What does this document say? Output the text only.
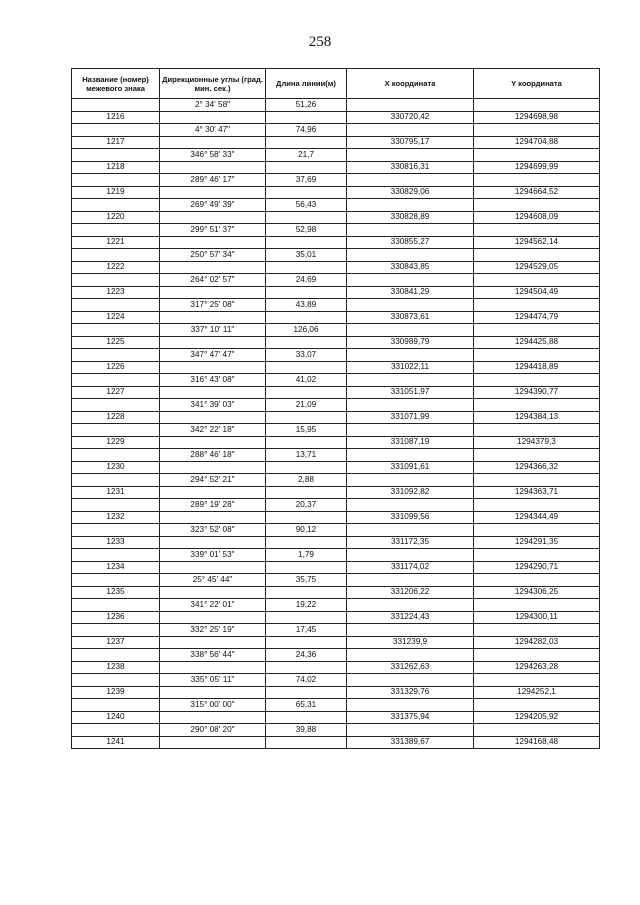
258
Название (номер) межевого знака	Дирекционные углы (град. мин. сек.)	Длина линии(м)	X координата	Y координата
	2° 34' 58"	51,26		
1216			330720,42	1294698,98
	4° 30' 47"	74,96		
1217			330795,17	1294704,88
	346° 58' 33"	21,7		
1218			330816,31	1294699,99
	289° 46' 17"	37,69		
1219			330829,06	1294664,52
	269° 49' 39"	56,43		
1220			330828,89	1294608,09
	299° 51' 37"	52,98		
1221			330855,27	1294562,14
	250° 57' 34"	35,01		
1222			330843,85	1294529,05
	264° 02' 57"	24,69		
1223			330841,29	1294504,49
	317° 25' 08"	43,89		
1224			330873,61	1294474,79
	337° 10' 11"	126,06		
1225			330989,79	1294425,88
	347° 47' 47"	33,07		
1226			331022,11	1294418,89
	316° 43' 08"	41,02		
1227			331051,97	1294390,77
	341° 39' 03"	21,09		
1228			331071,99	1294384,13
	342° 22' 18"	15,95		
1229			331087,19	1294379,3
	288° 46' 18"	13,71		
1230			331091,61	1294366,32
	294° 52' 21"	2,88		
1231			331092,82	1294363,71
	289° 19' 28"	20,37		
1232			331099,56	1294344,49
	323° 52' 08"	90,12		
1233			331172,35	1294291,35
	339° 01' 53"	1,79		
1234			331174,02	1294290,71
	25° 45' 44"	35,75		
1235			331206,22	1294306,25
	341° 22' 01"	19,22		
1236			331224,43	1294300,11
	332° 25' 19"	17,45		
1237			331239,9	1294282,03
	338° 56' 44"	24,36		
1238			331262,63	1294263,28
	335° 05' 11"	74,02		
1239			331329,76	1294252,1
	315° 00' 00"	65,31		
1240			331375,94	1294205,92
	290° 08' 20"	39,88		
1241			331389,67	1294168,48
